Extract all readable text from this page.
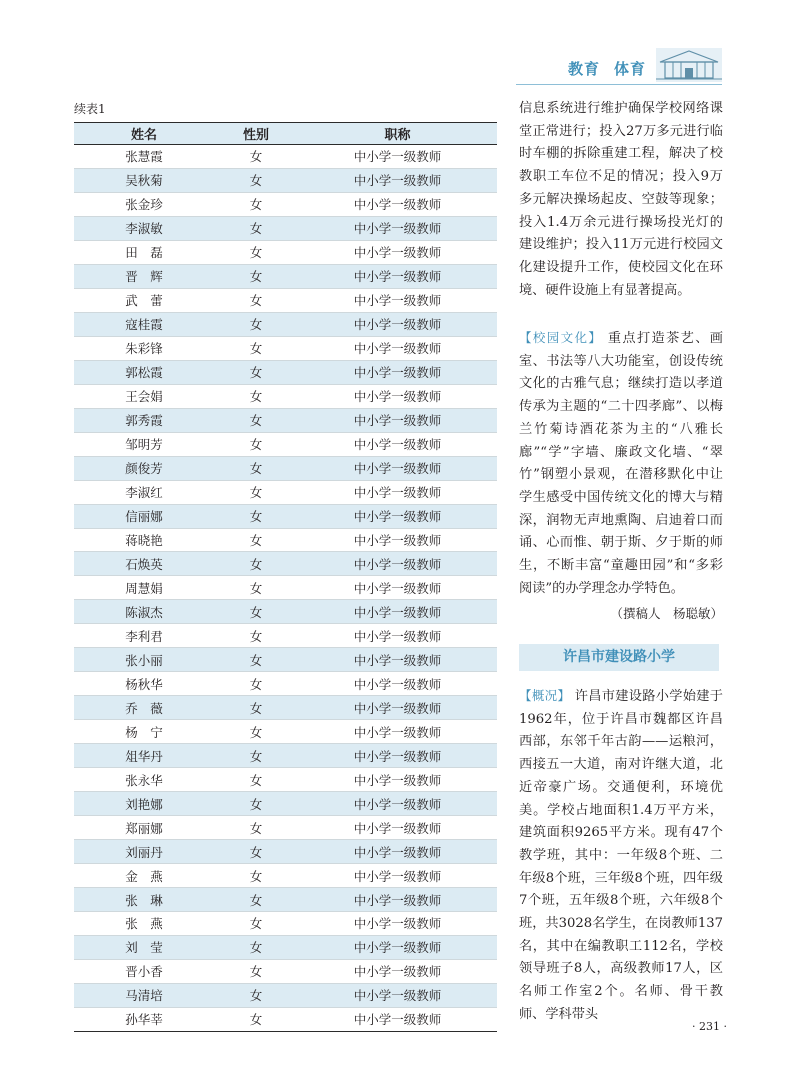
教育 体育
续表1
姓名	性别	职称
张慧霞	女	中小学一级教师
吴秋菊	女	中小学一级教师
张金珍	女	中小学一级教师
李淑敏	女	中小学一级教师
田　磊	女	中小学一级教师
晋　辉	女	中小学一级教师
武　蕾	女	中小学一级教师
寇桂霞	女	中小学一级教师
朱彩锋	女	中小学一级教师
郭松霞	女	中小学一级教师
王会娟	女	中小学一级教师
郭秀霞	女	中小学一级教师
邹明芳	女	中小学一级教师
颜俊芳	女	中小学一级教师
李淑红	女	中小学一级教师
信丽娜	女	中小学一级教师
蒋晓艳	女	中小学一级教师
石焕英	女	中小学一级教师
周慧娟	女	中小学一级教师
陈淑杰	女	中小学一级教师
李利君	女	中小学一级教师
张小丽	女	中小学一级教师
杨秋华	女	中小学一级教师
乔　薇	女	中小学一级教师
杨　宁	女	中小学一级教师
俎华丹	女	中小学一级教师
张永华	女	中小学一级教师
刘艳娜	女	中小学一级教师
郑丽娜	女	中小学一级教师
刘丽丹	女	中小学一级教师
金　燕	女	中小学一级教师
张　琳	女	中小学一级教师
张　燕	女	中小学一级教师
刘　莹	女	中小学一级教师
晋小香	女	中小学一级教师
马清培	女	中小学一级教师
孙华莘	女	中小学一级教师
信息系统进行维护确保学校网络课堂正常进行；投入27万多元进行临时车棚的拆除重建工程，解决了校教职工车位不足的情况；投入9万多元解决操场起皮、空鼓等现象；投入1.4万余元进行操场投光灯的建设维护；投入11万元进行校园文化建设提升工作，使校园文化在环境、硬件设施上有显著提高。
【校园文化】 重点打造茶艺、画室、书法等八大功能室，创设传统文化的古雅气息；继续打造以孝道传承为主题的“二十四孝廊”、以梅兰竹菊诗酒花茶为主的“八雅长廊”“学”字墙、廉政文化墙、“翠竹”钢塑小景观，在潜移默化中让学生感受中国传统文化的博大与精深，润物无声地熏陶、启迪着口而诵、心而惟、朝于斯、夕于斯的师生，不断丰富“童趣田园”和“多彩阅读”的办学理念办学特色。
（撰稿人　杨聪敏）
许昌市建设路小学
【概况】 许昌市建设路小学始建于1962年，位于许昌市魏都区许昌西部，东邻千年古韵——运粮河，西接五一大道，南对许继大道，北近帝豪广场。交通便利，环境优美。学校占地面积1.4万平方米，建筑面积9265平方米。现有47个教学班，其中：一年级8个班、二年级8个班，三年级8个班，四年级7个班，五年级8个班，六年级8个班，共3028名学生，在岗教师137名，其中在编教职工112名，学校领导班子8人，高级教师17人，区名师工作室2个。名师、骨干教师、学科带头
· 231 ·
